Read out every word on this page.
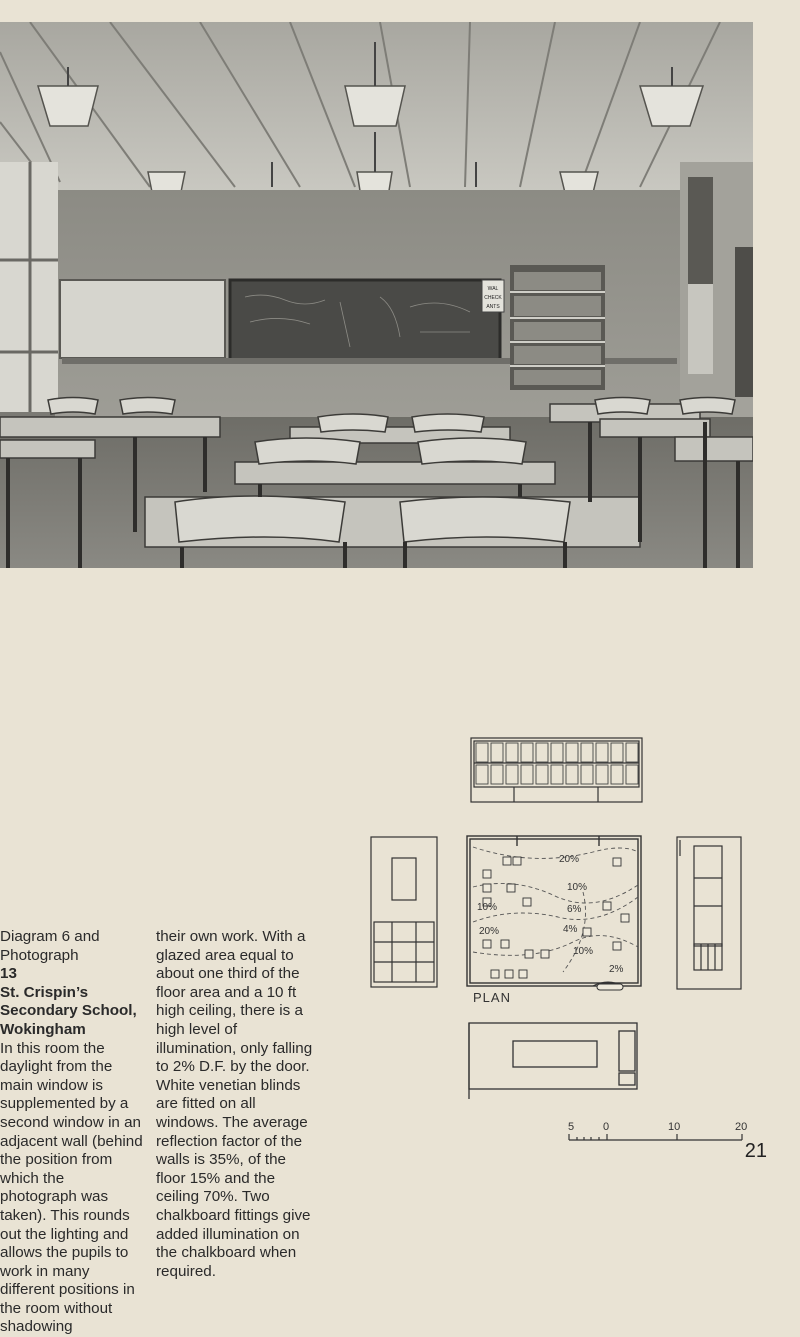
WAL
CHECK
ANTS
Diagram 6 and Photograph
13
St. Crispin’s Secondary School, Wokingham
In this room the daylight from the main window is supplemented by a second window in an adjacent wall (behind the position from which the photograph was taken). This rounds out the lighting and allows the pupils to work in many different positions in the room without shadowing
their own work. With a glazed area equal to about one third of the floor area and a 10 ft high ceiling, there is a high level of illumination, only falling to 2% D.F. by the door. White venetian blinds are fitted on all windows. The average reflection factor of the walls is 35%, of the floor 15% and the ceiling 70%. Two chalkboard fittings give added illumination on the chalkboard when required.
20%
10%
6%
10%
20%	4%
2%
10%
PLAN
5	0	10	20
21
